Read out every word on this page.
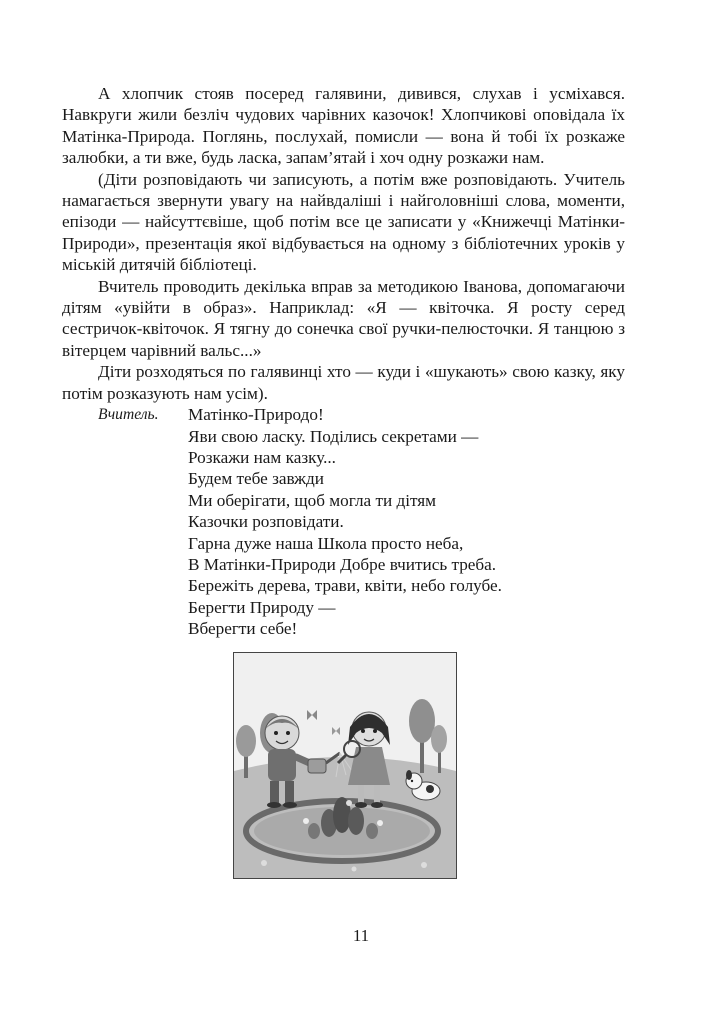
А хлопчик стояв посеред галявини, дивився, слухав і усміхався. Навкруги жили безліч чудових чарівних казочок! Хлопчикові оповідала їх Матінка-Природа. Поглянь, послухай, помисли — вона й тобі їх розкаже залюбки, а ти вже, будь ласка, запам’ятай і хоч одну розкажи нам.

(Діти розповідають чи записують, а потім вже розповідають. Учитель намагається звернути увагу на найвдаліші і найголовніші слова, моменти, епізоди — найсуттєвіше, щоб потім все це записати у «Книжечці Матінки-Природи», презентація якої відбувається на одному з бібліотечних уроків у міській дитячій бібліотеці.

Вчитель проводить декілька вправ за методикою Іванова, допомагаючи дітям «увійти в образ». Наприклад: «Я — квіточка. Я росту серед сестричок-квіточок. Я тягну до сонечка свої ручки-пелюсточки. Я танцюю з вітерцем чарівний вальс...»

Діти розходяться по галявинці хто — куди і «шукають» свою казку, яку потім розказують нам усім).

Вчитель. Матінко-Природо!
Яви свою ласку. Поділись секретами —
Розкажи нам казку...
Будем тебе завжди
Ми оберігати, щоб могла ти дітям
Казочки розповідати.
Гарна дуже наша Школа просто неба,
В Матінки-Природи Добре вчитись треба.
Бережіть дерева, трави, квіти, небо голубе.
Берегти Природу —
Вберегти себе!
11
